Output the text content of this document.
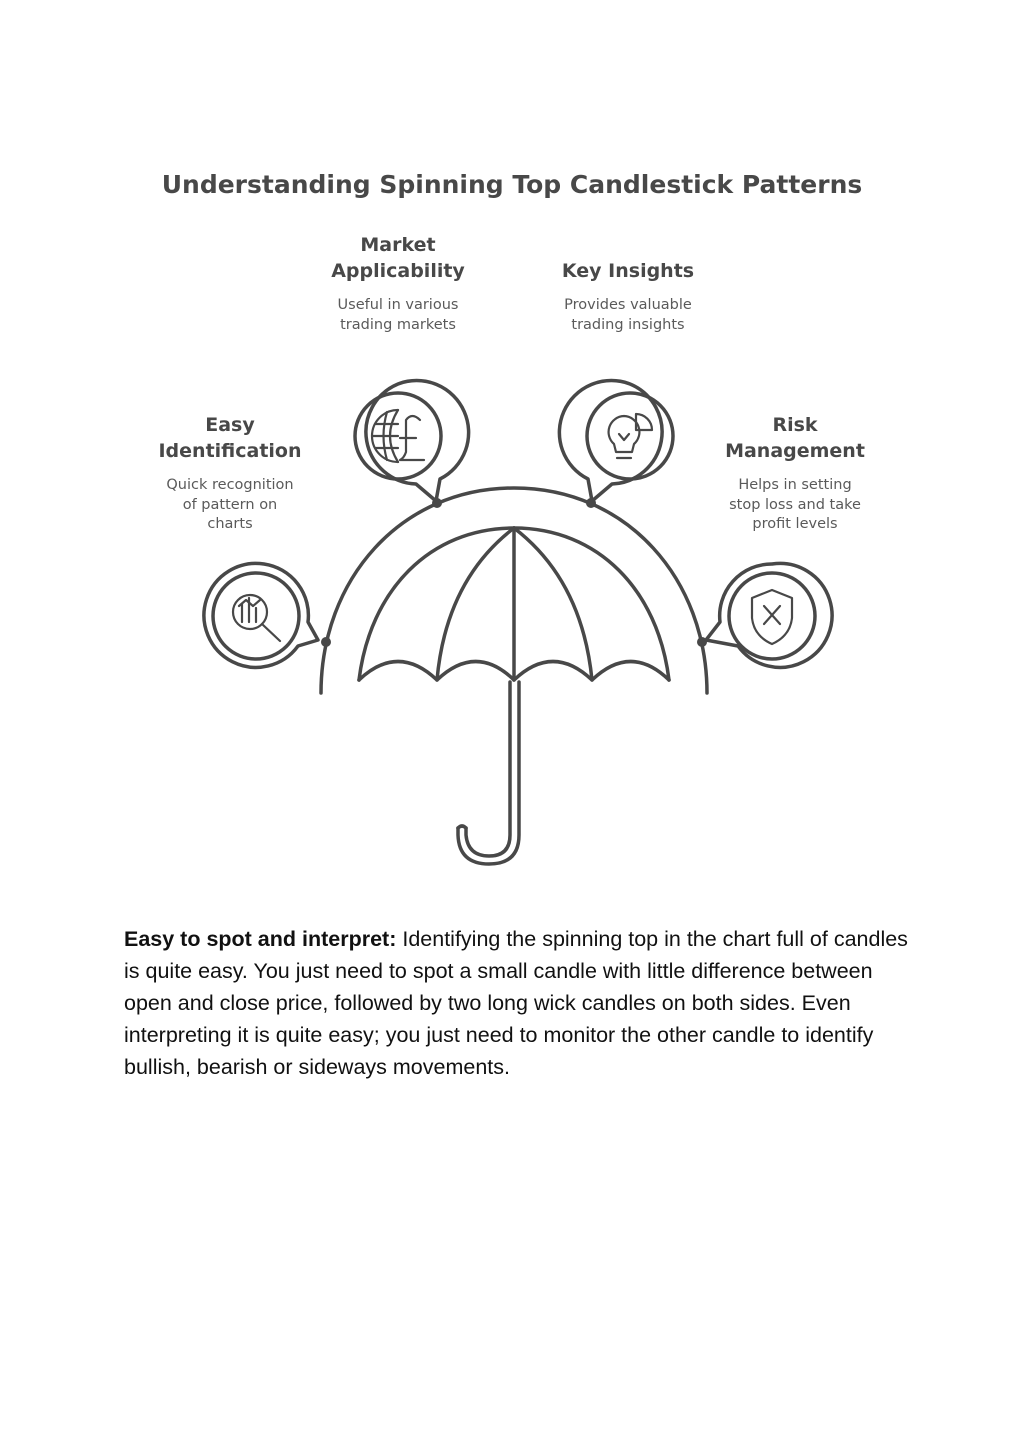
Understanding Spinning Top Candlestick Patterns
Easy
Identification
Quick recognition
of pattern on
charts
Market
Applicability
Useful in various
trading markets
Key Insights
Provides valuable
trading insights
Risk
Management
Helps in setting
stop loss and take
profit levels
Easy to spot and interpret: Identifying the spinning top in the chart full of candles is quite easy. You just need to spot a small candle with little difference between open and close price, followed by two long wick candles on both sides. Even interpreting it is quite easy; you just need to monitor the other candle to identify bullish, bearish or sideways movements.
